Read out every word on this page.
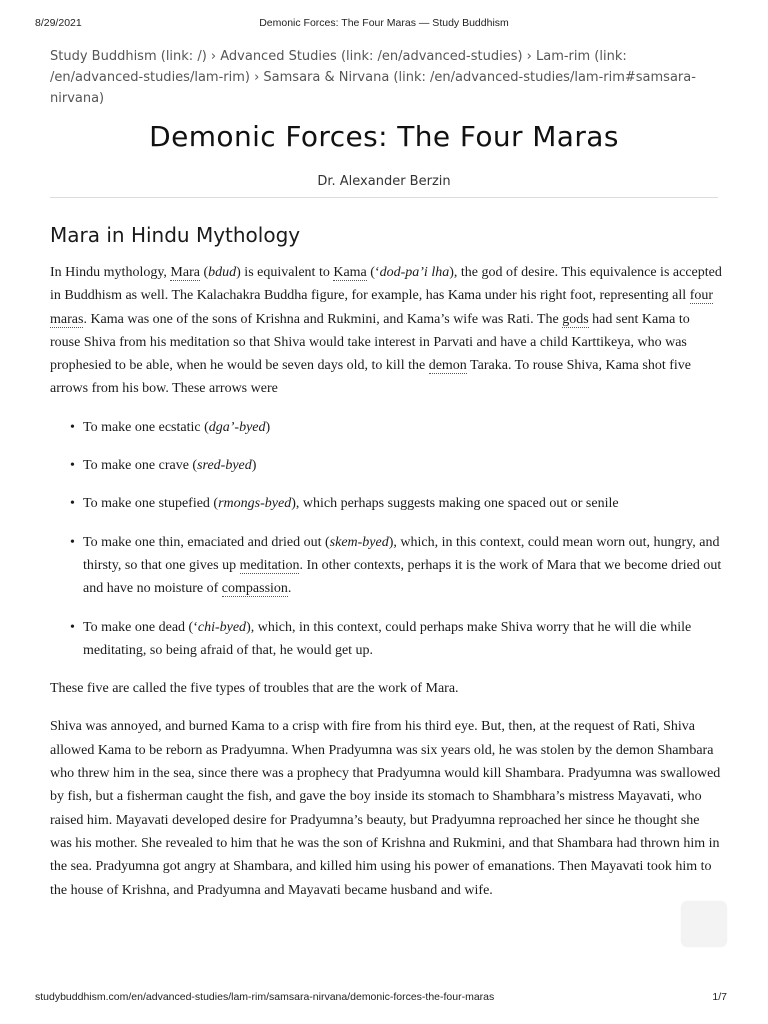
8/29/2021	Demonic Forces: The Four Maras — Study Buddhism
Study Buddhism (link: /) › Advanced Studies (link: /en/advanced-studies) › Lam-rim (link: /en/advanced-studies/lam-rim) › Samsara & Nirvana (link: /en/advanced-studies/lam-rim#samsara-nirvana)
Demonic Forces: The Four Maras
Dr. Alexander Berzin
Mara in Hindu Mythology

In Hindu mythology, Mara (bdud) is equivalent to Kama (‘dod-pa’i lha), the god of desire. This equivalence is accepted in Buddhism as well. The Kalachakra Buddha figure, for example, has Kama under his right foot, representing all four maras. Kama was one of the sons of Krishna and Rukmini, and Kama’s wife was Rati. The gods had sent Kama to rouse Shiva from his meditation so that Shiva would take interest in Parvati and have a child Karttikeya, who was prophesied to be able, when he would be seven days old, to kill the demon Taraka. To rouse Shiva, Kama shot five arrows from his bow. These arrows were

• To make one ecstatic (dga’-byed)
• To make one crave (sred-byed)
• To make one stupefied (rmongs-byed), which perhaps suggests making one spaced out or senile
• To make one thin, emaciated and dried out (skem-byed), which, in this context, could mean worn out, hungry, and thirsty, so that one gives up meditation. In other contexts, perhaps it is the work of Mara that we become dried out and have no moisture of compassion.
• To make one dead (‘chi-byed), which, in this context, could perhaps make Shiva worry that he will die while meditating, so being afraid of that, he would get up.

These five are called the five types of troubles that are the work of Mara.

Shiva was annoyed, and burned Kama to a crisp with fire from his third eye. But, then, at the request of Rati, Shiva allowed Kama to be reborn as Pradyumna. When Pradyumna was six years old, he was stolen by the demon Shambara who threw him in the sea, since there was a prophecy that Pradyumna would kill Shambara. Pradyumna was swallowed by fish, but a fisherman caught the fish, and gave the boy inside its stomach to Shambhara’s mistress Mayavati, who raised him. Mayavati developed desire for Pradyumna’s beauty, but Pradyumna reproached her since he thought she was his mother. She revealed to him that he was the son of Krishna and Rukmini, and that Shambara had thrown him in the sea. Pradyumna got angry at Shambara, and killed him using his power of emanations. Then Mayavati took him to the house of Krishna, and Pradyumna and Mayavati became husband and wife.

studybuddhism.com/en/advanced-studies/lam-rim/samsara-nirvana/demonic-forces-the-four-maras	1/7
